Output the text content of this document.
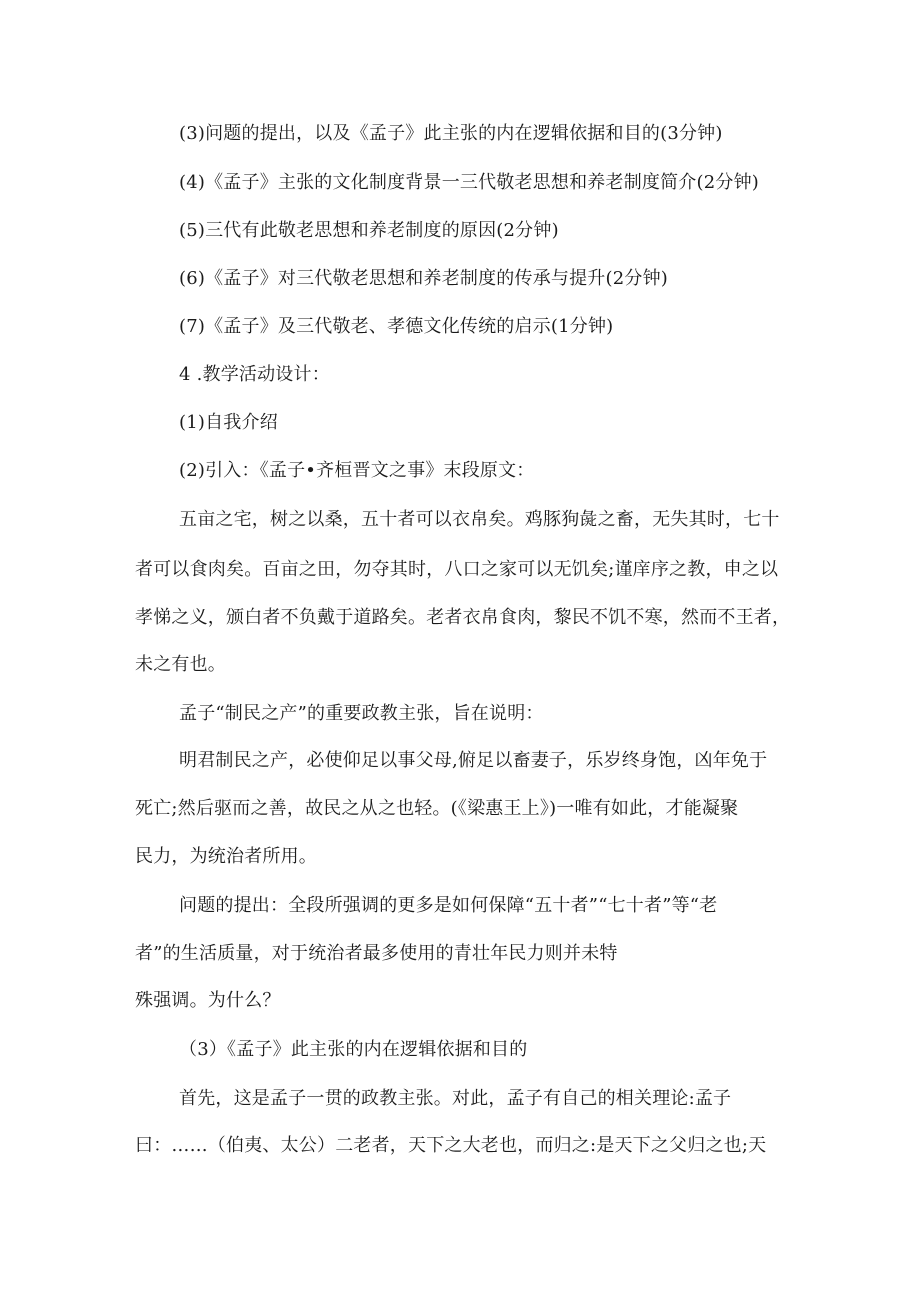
(3)问题的提出，以及《孟子》此主张的内在逻辑依据和目的(3分钟)
(4)《孟子》主张的文化制度背景一三代敬老思想和养老制度简介(2分钟)
(5)三代有此敬老思想和养老制度的原因(2分钟)
(6)《孟子》对三代敬老思想和养老制度的传承与提升(2分钟)
(7)《孟子》及三代敬老、孝德文化传统的启示(1分钟)
4 .教学活动设计：
(1)自我介绍
(2)引入：《孟子•齐桓晋文之事》末段原文：
五亩之宅，树之以桑，五十者可以衣帛矣。鸡豚狗彘之畜，无失其时，七十
者可以食肉矣。百亩之田，勿夺其时，八口之家可以无饥矣;谨庠序之教，申之以
孝悌之义，颁白者不负戴于道路矣。老者衣帛食肉，黎民不饥不寒，然而不王者，
未之有也。
孟子“制民之产”的重要政教主张，旨在说明：
明君制民之产，必使仰足以事父母,俯足以畜妻子，乐岁终身饱，凶年免于
死亡;然后驱而之善，故民之从之也轻。(《梁惠王上》)一唯有如此，才能凝聚
民力，为统治者所用。
问题的提出：全段所强调的更多是如何保障“五十者”“七十者”等“老
者”的生活质量，对于统治者最多使用的青壮年民力则并未特
殊强调。为什么？
（3）《孟子》此主张的内在逻辑依据和目的
首先，这是孟子一贯的政教主张。对此，孟子有自己的相关理论:孟子
曰：……（伯夷、太公）二老者，天下之大老也，而归之:是天下之父归之也;天
